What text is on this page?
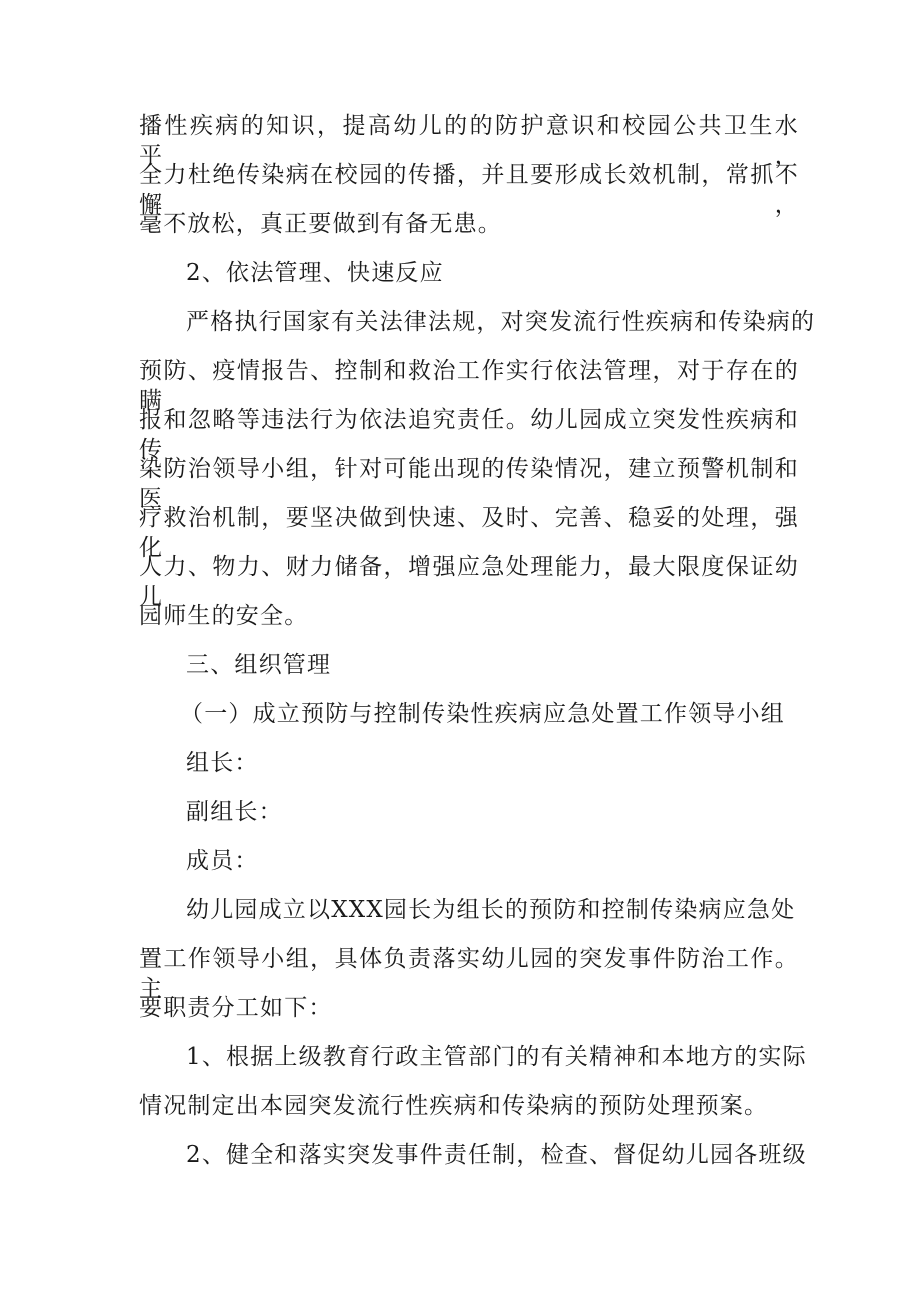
播性疾病的知识，提高幼儿的的防护意识和校园公共卫生水平，
全力杜绝传染病在校园的传播，并且要形成长效机制，常抓不懈，
毫不放松，真正要做到有备无患。
2、依法管理、快速反应
严格执行国家有关法律法规，对突发流行性疾病和传染病的
预防、疫情报告、控制和救治工作实行依法管理，对于存在的瞒
报和忽略等违法行为依法追究责任。幼儿园成立突发性疾病和传
染防治领导小组，针对可能出现的传染情况，建立预警机制和医
疗救治机制，要坚决做到快速、及时、完善、稳妥的处理，强化
人力、物力、财力储备，增强应急处理能力，最大限度保证幼儿
园师生的安全。
三、组织管理
（一）成立预防与控制传染性疾病应急处置工作领导小组
组长：
副组长：
成员：
幼儿园成立以XXX园长为组长的预防和控制传染病应急处
置工作领导小组，具体负责落实幼儿园的突发事件防治工作。主
要职责分工如下：
1、根据上级教育行政主管部门的有关精神和本地方的实际
情况制定出本园突发流行性疾病和传染病的预防处理预案。
2、健全和落实突发事件责任制，检查、督促幼儿园各班级
